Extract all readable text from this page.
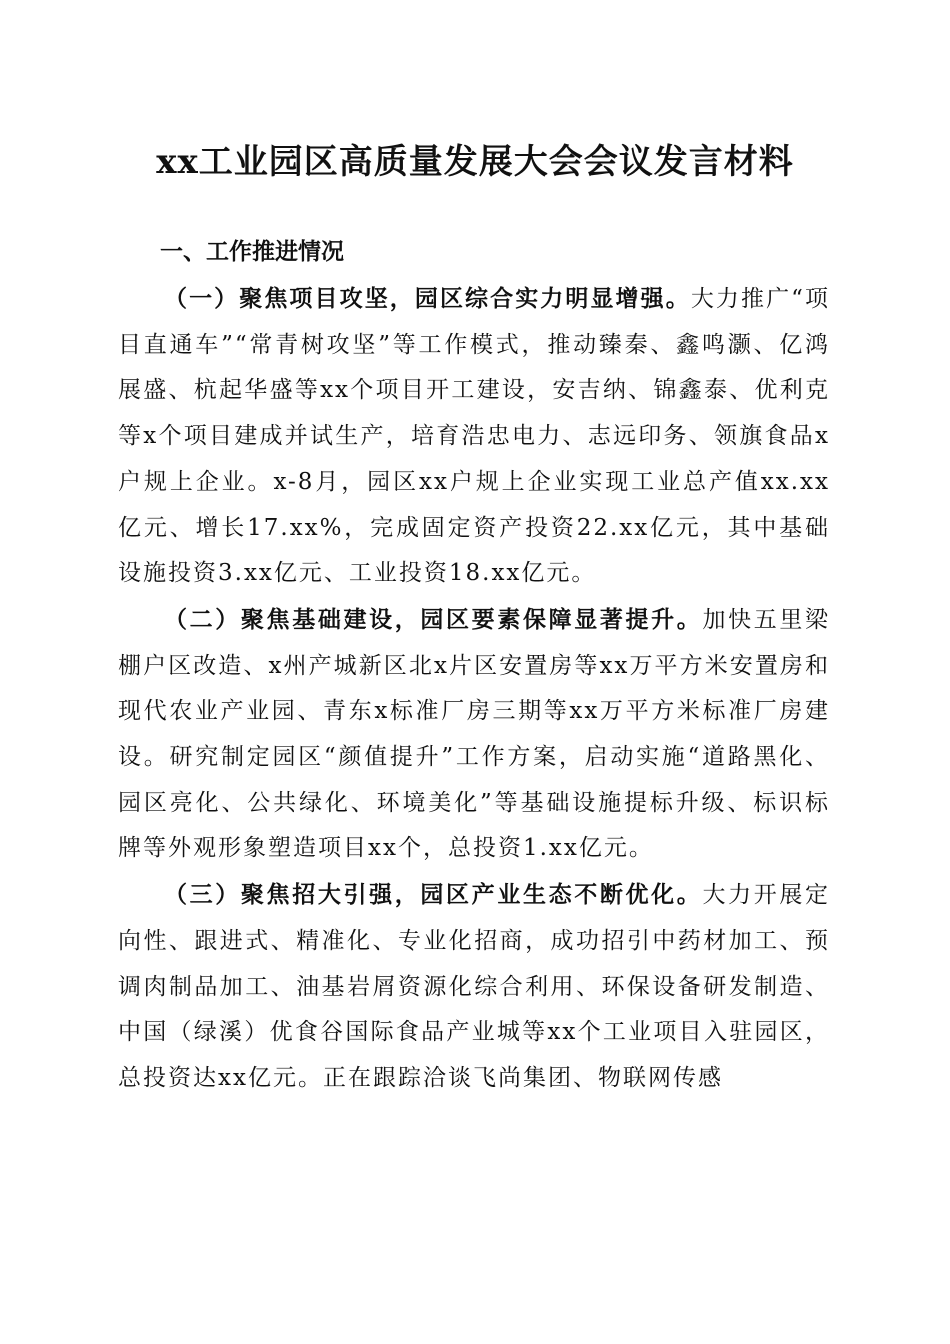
xx工业园区高质量发展大会会议发言材料
一、工作推进情况

（一）聚焦项目攻坚，园区综合实力明显增强。大力推广“项目直通车”“常青树攻坚”等工作模式，推动臻秦、鑫鸣灏、亿鸿展盛、杭起华盛等xx个项目开工建设，安吉纳、锦鑫泰、优利克等x个项目建成并试生产，培育浩忠电力、志远印务、领旗食品x户规上企业。x-8月，园区xx户规上企业实现工业总产值xx.xx亿元、增长17.xx%，完成固定资产投资22.xx亿元，其中基础设施投资3.xx亿元、工业投资18.xx亿元。

（二）聚焦基础建设，园区要素保障显著提升。加快五里梁棚户区改造、x州产城新区北x片区安置房等xx万平方米安置房和现代农业产业园、青东x标准厂房三期等xx万平方米标准厂房建设。研究制定园区“颜值提升”工作方案，启动实施“道路黑化、园区亮化、公共绿化、环境美化”等基础设施提标升级、标识标牌等外观形象塑造项目xx个，总投资1.xx亿元。

（三）聚焦招大引强，园区产业生态不断优化。大力开展定向性、跟进式、精准化、专业化招商，成功招引中药材加工、预调肉制品加工、油基岩屑资源化综合利用、环保设备研发制造、中国（绿溪）优食谷国际食品产业城等xx个工业项目入驻园区，总投资达xx亿元。正在跟踪洽谈飞尚集团、物联网传感
